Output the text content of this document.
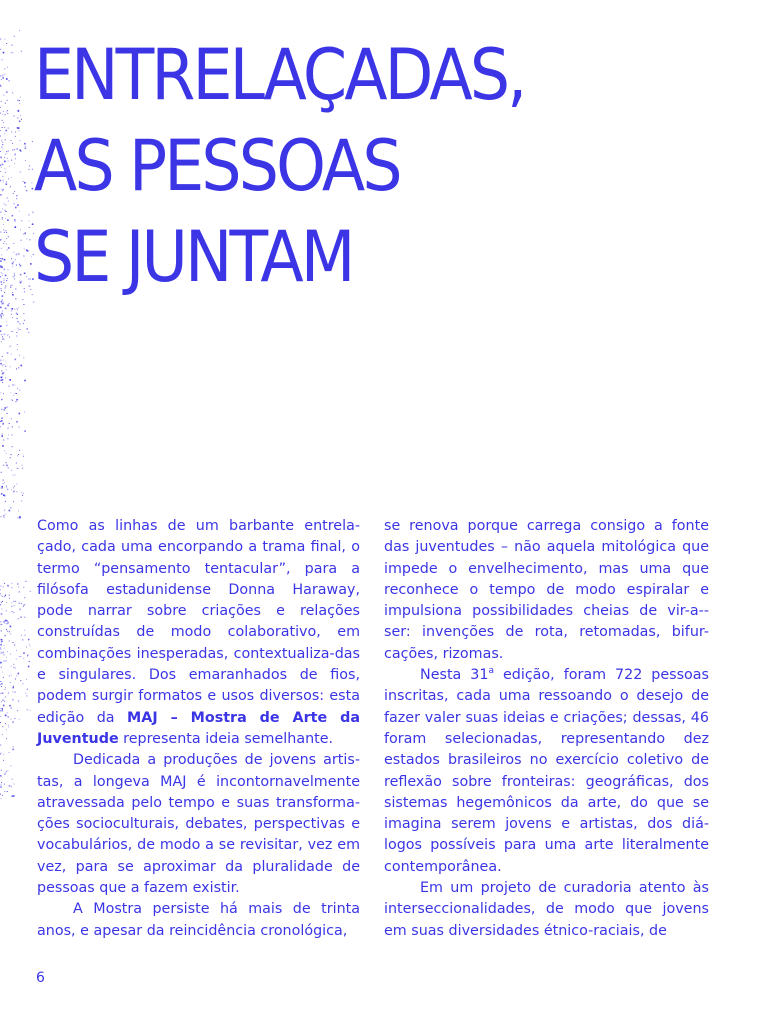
ENTRELAÇADAS,
AS PESSOAS
SE JUNTAM

Como as linhas de um barbante entrela-çado, cada uma encorpando a trama final, o termo “pensamento tentacular”, para a filósofa estadunidense Donna Haraway, pode narrar sobre criações e relações construídas de modo colaborativo, em combinações inesperadas, contextualiza-das e singulares. Dos emaranhados de fios, podem surgir formatos e usos diversos: esta edição da MAJ – Mostra de Arte da Juventude representa ideia semelhante.

Dedicada a produções de jovens artis-tas, a longeva MAJ é incontornavelmente atravessada pelo tempo e suas transforma-ções socioculturais, debates, perspectivas e vocabulários, de modo a se revisitar, vez em vez, para se aproximar da pluralidade de pessoas que a fazem existir.

A Mostra persiste há mais de trinta anos, e apesar da reincidência cronológica,

se renova porque carrega consigo a fonte das juventudes – não aquela mitológica que impede o envelhecimento, mas uma que reconhece o tempo de modo espiralar e impulsiona possibilidades cheias de vir-a--ser: invenções de rota, retomadas, bifur-cações, rizomas.

Nesta 31$^a$ edição, foram 722 pessoas inscritas, cada uma ressoando o desejo de fazer valer suas ideias e criações; dessas, 46 foram selecionadas, representando dez estados brasileiros no exercício coletivo de reflexão sobre fronteiras: geográficas, dos sistemas hegemônicos da arte, do que se imagina serem jovens e artistas, dos diá-logos possíveis para uma arte literalmente contemporânea.

Em um projeto de curadoria atento às interseccionalidades, de modo que jovens em suas diversidades étnico-raciais, de

6
